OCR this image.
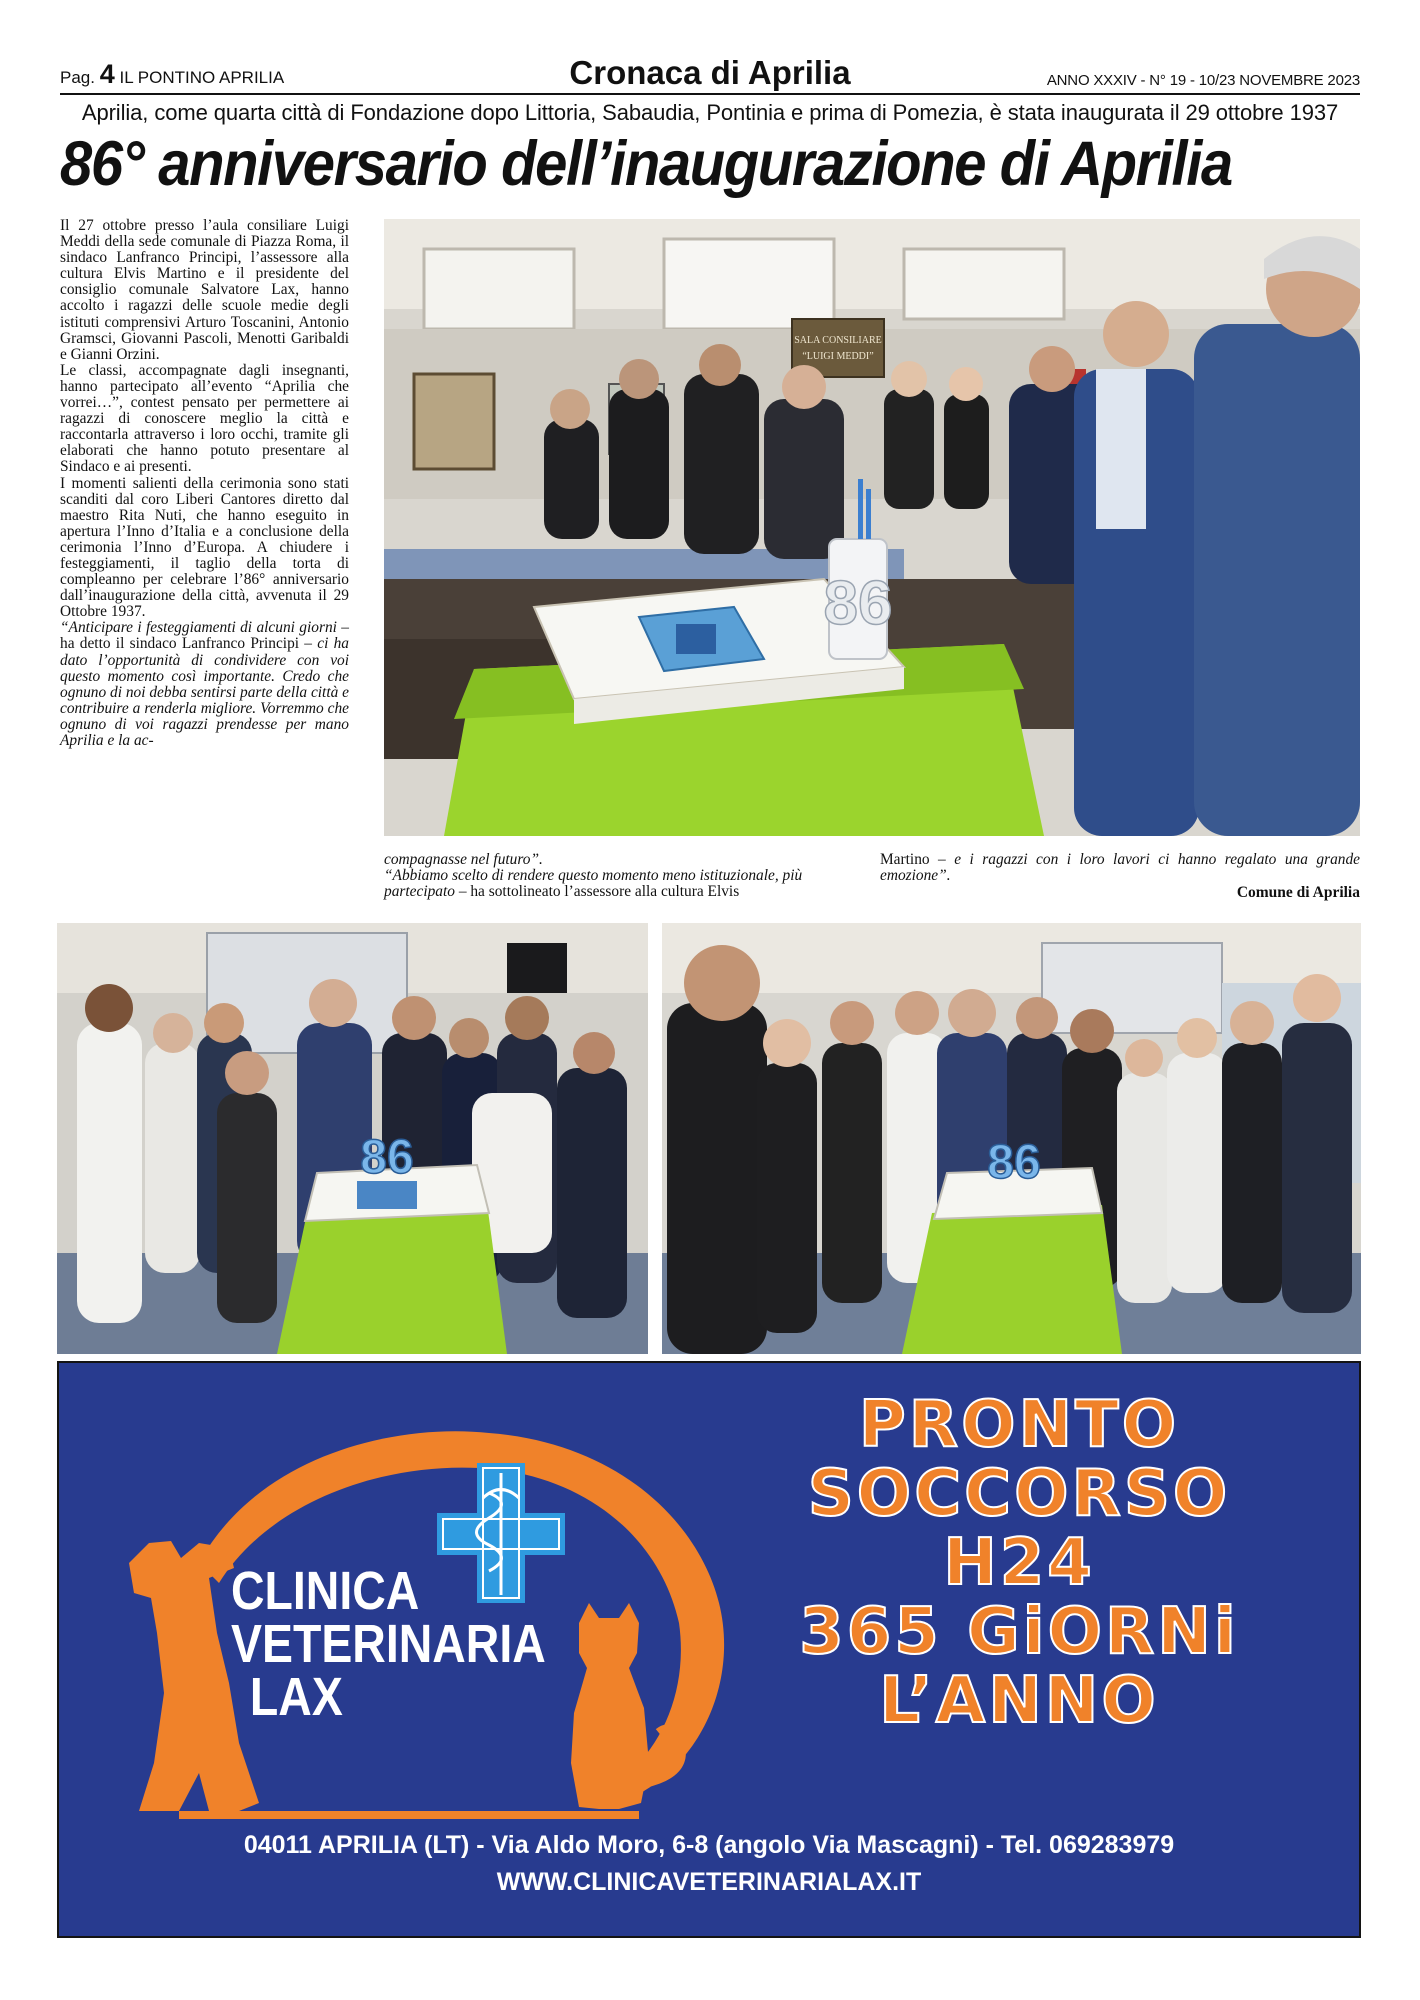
Pag. 4 IL PONTINO APRILIA	Cronaca di Aprilia	ANNO XXXIV - N° 19 - 10/23 NOVEMBRE 2023
Aprilia, come quarta città di Fondazione dopo Littoria, Sabaudia, Pontinia e prima di Pomezia, è stata inaugurata il 29 ottobre 1937
86° anniversario dell’inaugurazione di Aprilia

Il 27 ottobre presso l’aula consiliare Luigi Meddi della sede comunale di Piazza Roma, il sindaco Lanfranco Principi, l’assessore alla cultura Elvis Martino e il presidente del consiglio comunale Salvatore Lax, hanno accolto i ragazzi delle scuole medie degli istituti comprensivi Arturo Toscanini, Antonio Gramsci, Giovanni Pascoli, Menotti Garibaldi e Gianni Orzini.

Le classi, accompagnate dagli insegnanti, hanno partecipato all’evento “Aprilia che vorrei…”, contest pensato per permettere ai ragazzi di conoscere meglio la città e raccontarla attraverso i loro occhi, tramite gli elaborati che hanno potuto presentare al Sindaco e ai presenti.

I momenti salienti della cerimonia sono stati scanditi dal coro Liberi Cantores diretto dal maestro Rita Nuti, che hanno eseguito in apertura l’Inno d’Italia e a conclusione della cerimonia l’Inno d’Europa. A chiudere i festeggiamenti, il taglio della torta di compleanno per celebrare l’86° anniversario dall’inaugurazione della città, avvenuta il 29 Ottobre 1937.

“Anticipare i festeggiamenti di alcuni giorni – ha detto il sindaco Lanfranco Principi – ci ha dato l’opportunità di condividere con voi questo momento così importante. Credo che ognuno di noi debba sentirsi parte della città e contribuire a renderla migliore. Vorremmo che ognuno di voi ragazzi prendesse per mano Aprilia e la ac-

SALA CONSILIARE
“LUIGI MEDDI”
86
compagnasse nel futuro”.
“Abbiamo scelto di rendere questo momento meno istituzionale, più partecipato – ha sottolineato l’assessore alla cultura Elvis
Martino – e i ragazzi con i loro lavori ci hanno regalato una grande emozione”.
Comune di Aprilia
86	86
CLINICA
VETERINARIA
LAX
PRONTO
SOCCORSO
H24
365 GiORNi
L’ANNO
04011 APRILIA (LT) - Via Aldo Moro, 6-8 (angolo Via Mascagni) - Tel. 069283979
WWW.CLINICAVETERINARIALAX.IT
